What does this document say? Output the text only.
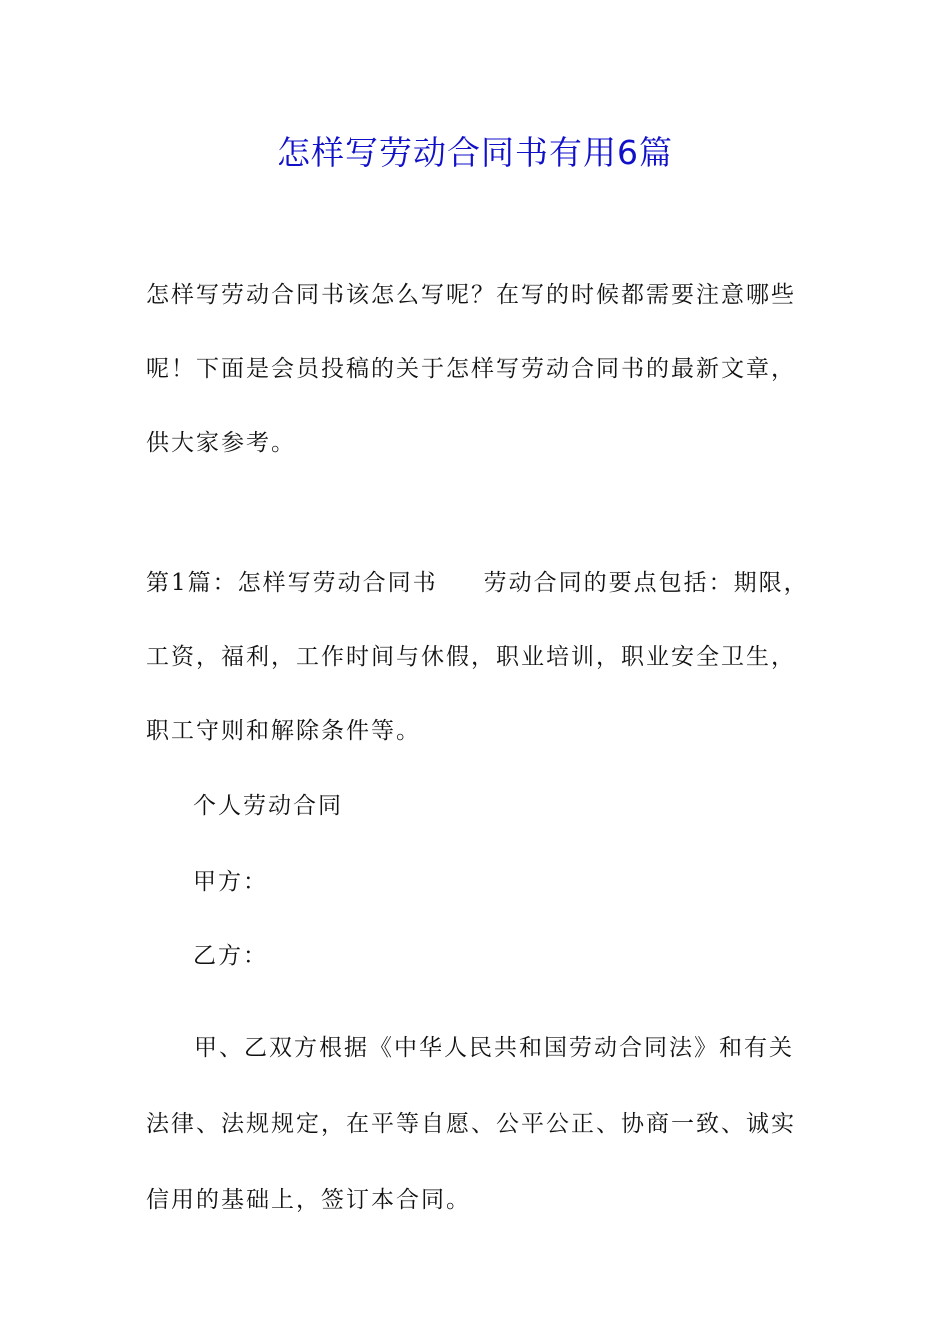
怎样写劳动合同书有用6篇

怎样写劳动合同书该怎么写呢？在写的时候都需要注意哪些呢！下面是会员投稿的关于怎样写劳动合同书的最新文章，供大家参考。

第1篇：怎样写劳动合同书 劳动合同的要点包括：期限，工资，福利，工作时间与休假，职业培训，职业安全卫生，职工守则和解除条件等。

个人劳动合同

甲方：

乙方：

甲、乙双方根据《中华人民共和国劳动合同法》和有关法律、法规规定，在平等自愿、公平公正、协商一致、诚实信用的基础上，签订本合同。
